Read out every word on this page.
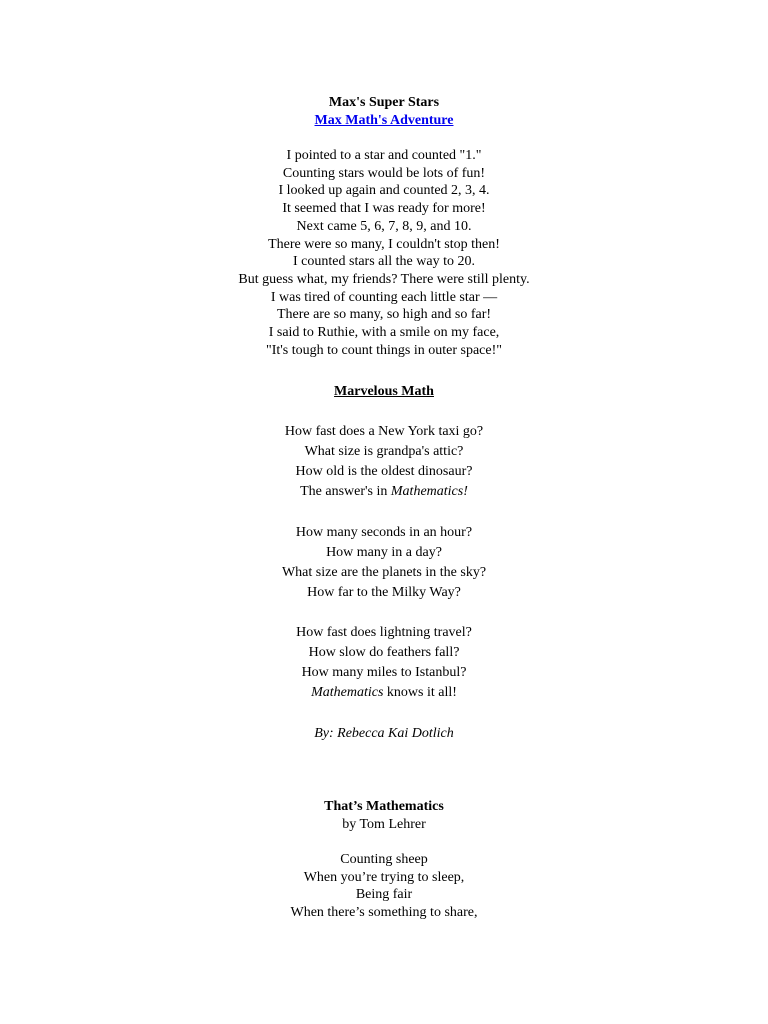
Max's Super Stars
Max Math's Adventure
I pointed to a star and counted "1."
Counting stars would be lots of fun!
I looked up again and counted 2, 3, 4.
It seemed that I was ready for more!
Next came 5, 6, 7, 8, 9, and 10.
There were so many, I couldn't stop then!
I counted stars all the way to 20.
But guess what, my friends? There were still plenty.
I was tired of counting each little star —
There are so many, so high and so far!
I said to Ruthie, with a smile on my face,
"It's tough to count things in outer space!"
Marvelous Math
How fast does a New York taxi go?
What size is grandpa's attic?
How old is the oldest dinosaur?
The answer's in Mathematics!
How many seconds in an hour?
How many in a day?
What size are the planets in the sky?
How far to the Milky Way?
How fast does lightning travel?
How slow do feathers fall?
How many miles to Istanbul?
Mathematics knows it all!
By: Rebecca Kai Dotlich
That’s Mathematics
by Tom Lehrer
Counting sheep
When you’re trying to sleep,
Being fair
When there’s something to share,
